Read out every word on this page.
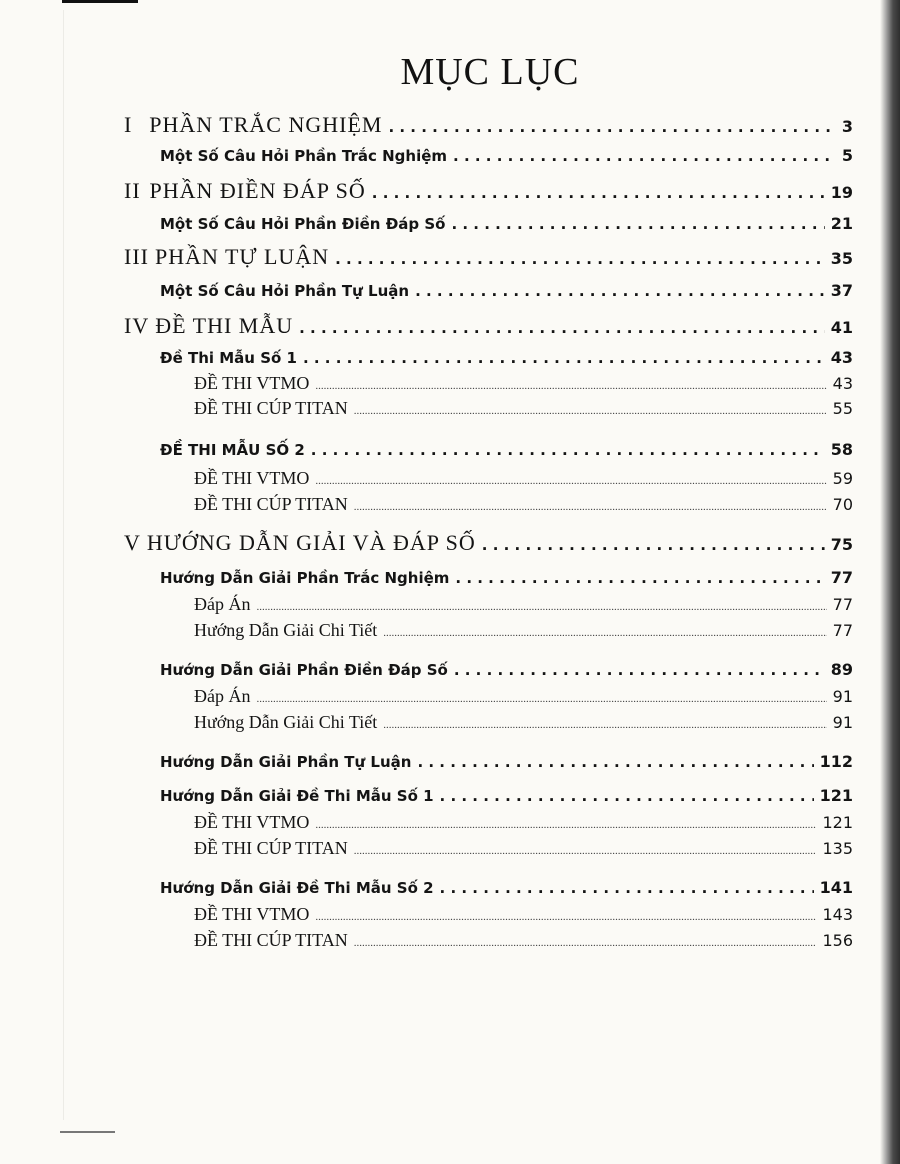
MỤC LỤC
I PHẦN TRẮC NGHIỆM . . .	3
Một Số Câu Hỏi Phần Trắc Nghiệm . . .	5
II PHẦN ĐIỀN ĐÁP SỐ . . .	19
Một Số Câu Hỏi Phần Điền Đáp Số . . .	21
III PHẦN TỰ LUẬN . . .	35
Một Số Câu Hỏi Phần Tự Luận . . .	37
IV ĐỀ THI MẪU . . .	41
Đề Thi Mẫu Số 1 . . .	43
ĐỀ THI VTMO .....	43
ĐỀ THI CÚP TITAN .....	55
ĐỀ THI MẪU SỐ 2 . . .	58
ĐỀ THI VTMO .....	59
ĐỀ THI CÚP TITAN .....	70
V HƯỚNG DẪN GIẢI VÀ ĐÁP SỐ . . .	75
Hướng Dẫn Giải Phần Trắc Nghiệm . . .	77
Đáp Án .....	77
Hướng Dẫn Giải Chi Tiết .....	77
Hướng Dẫn Giải Phần Điền Đáp Số . . .	89
Đáp Án .....	91
Hướng Dẫn Giải Chi Tiết .....	91
Hướng Dẫn Giải Phần Tự Luận . . .	112
Hướng Dẫn Giải Đề Thi Mẫu Số 1 . . .	121
ĐỀ THI VTMO .....	121
ĐỀ THI CÚP TITAN .....	135
Hướng Dẫn Giải Đề Thi Mẫu Số 2 . . .	141
ĐỀ THI VTMO .....	143
ĐỀ THI CÚP TITAN .....	156
